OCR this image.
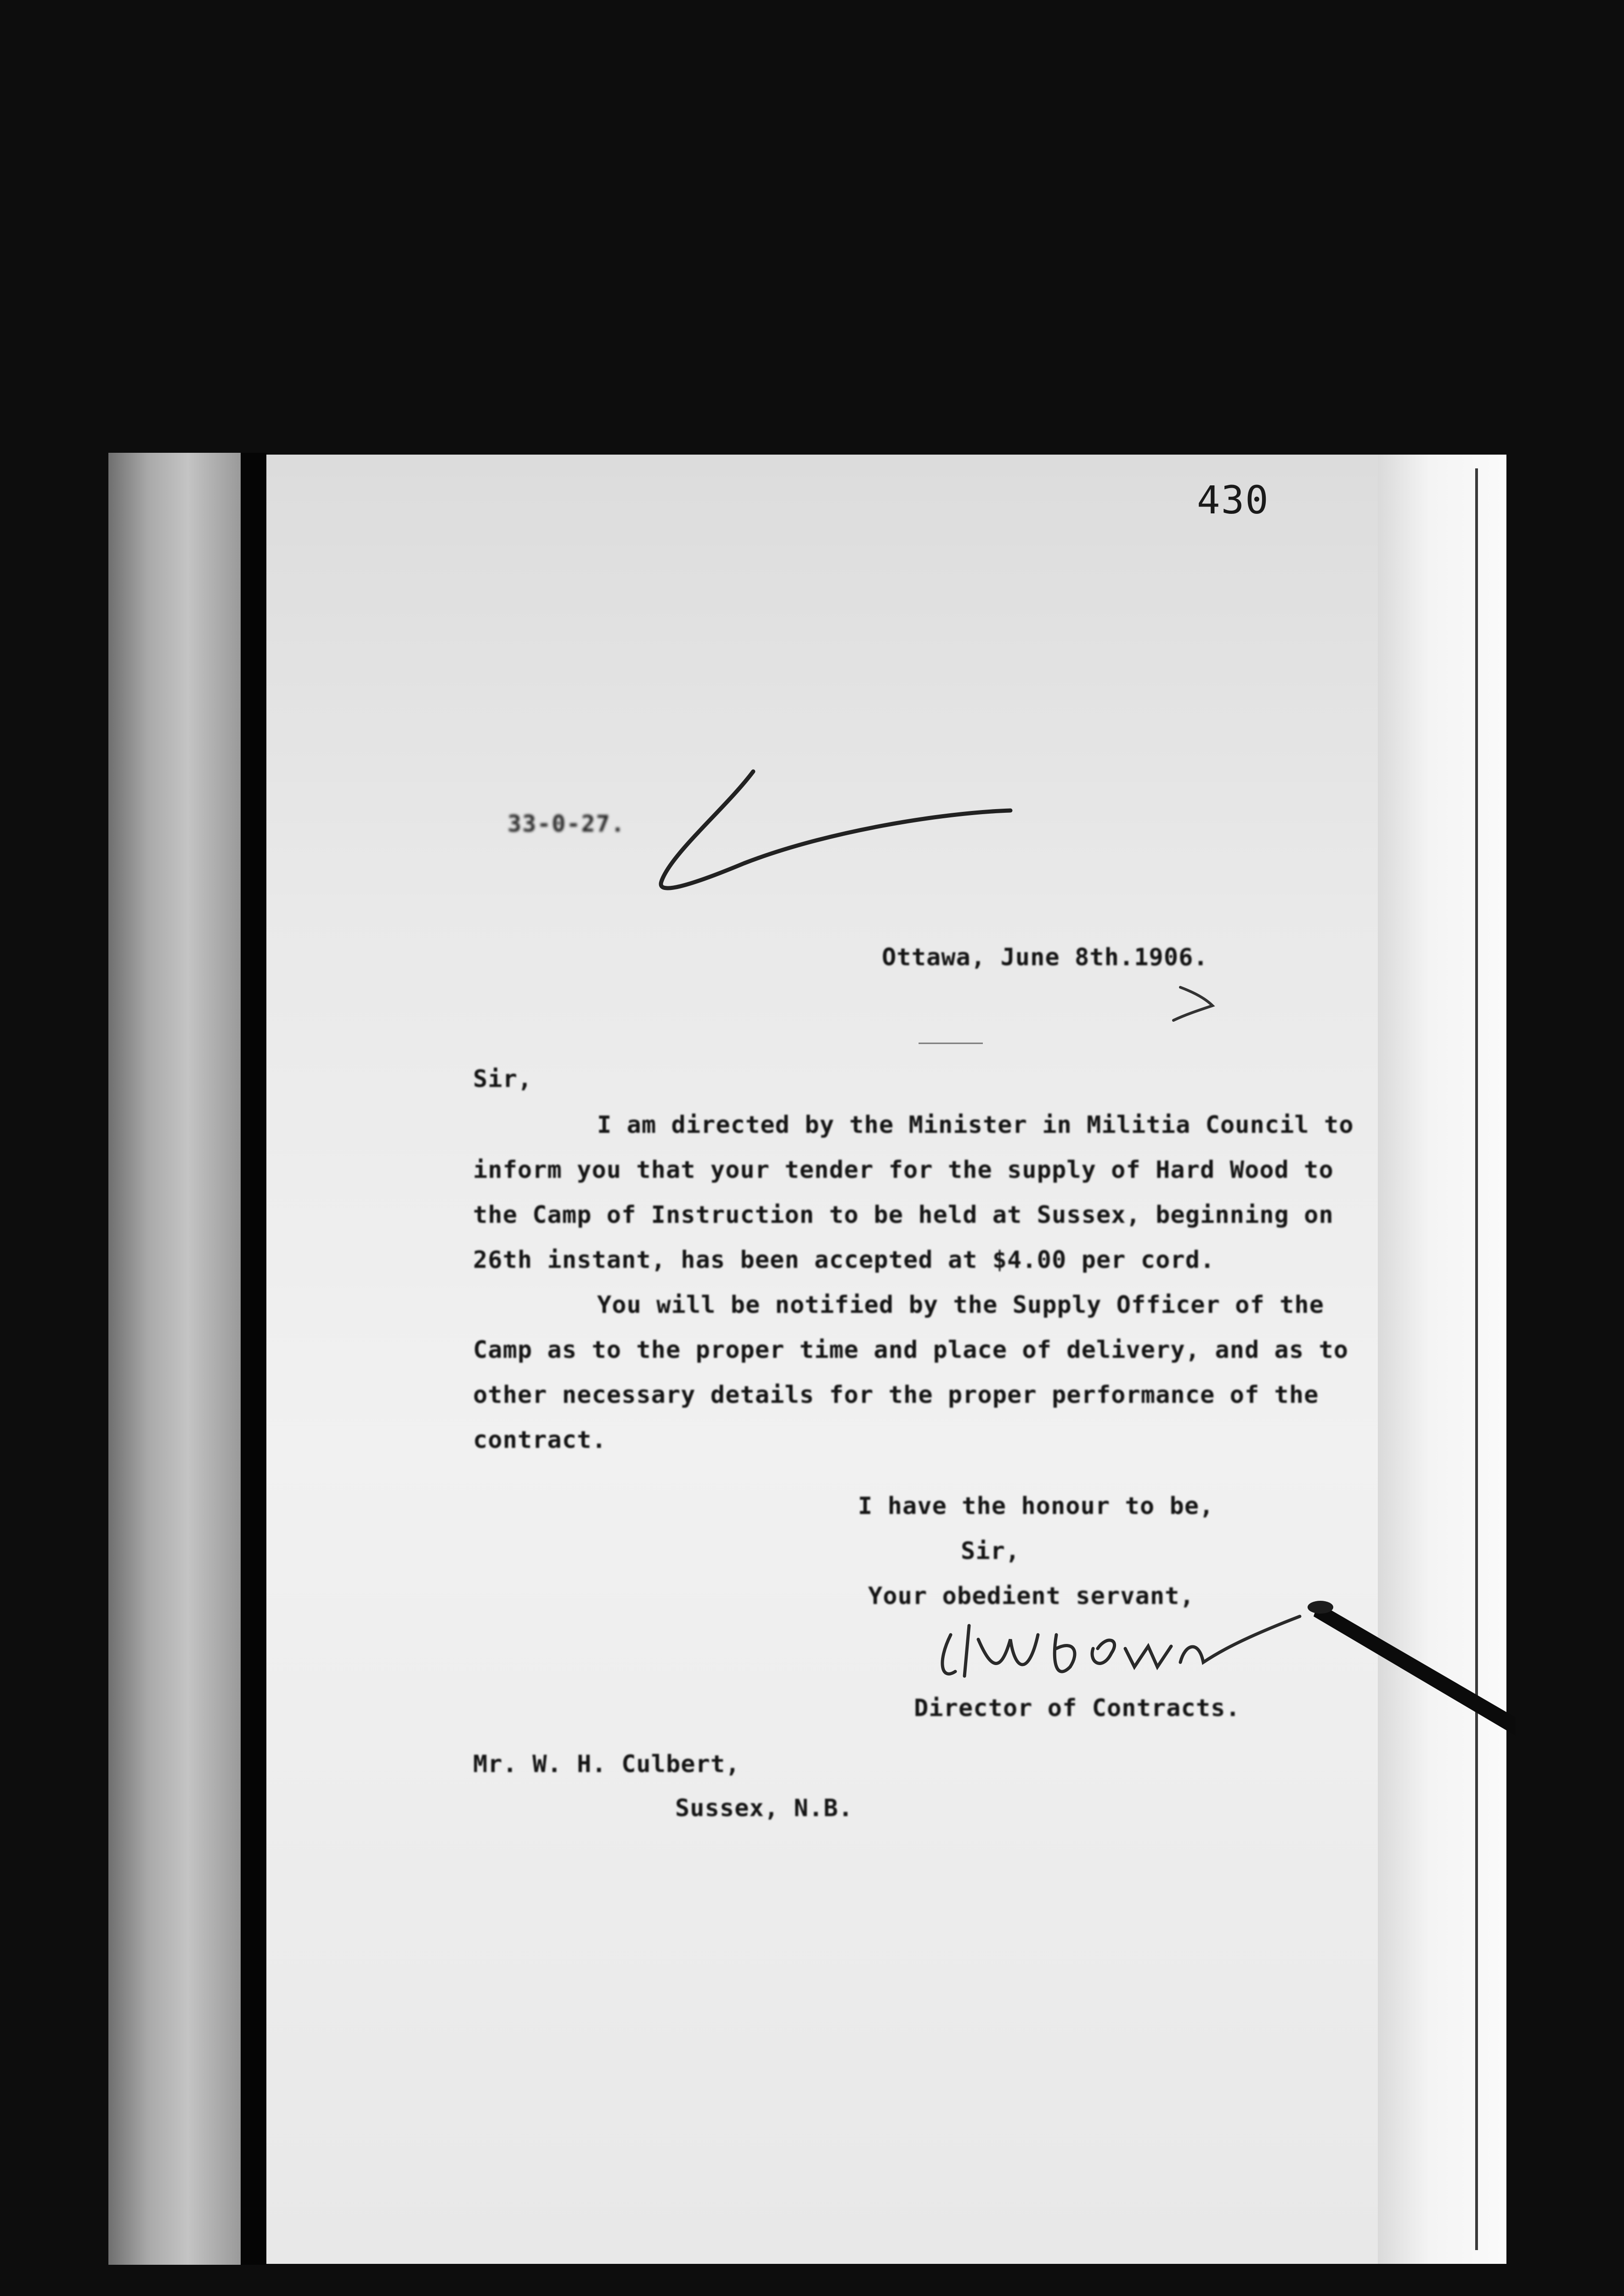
430
33-0-27.
Ottawa, June 8th.1906.
Sir,
I am directed by the Minister in Militia Council to
inform you that your tender for the supply of Hard Wood to
the Camp of Instruction to be held at Sussex, beginning on
26th instant, has been accepted at $4.00 per cord.
You will be notified by the Supply Officer of the
Camp as to the proper time and place of delivery, and as to
other necessary details for the proper performance of the
contract.
I have the honour to be,
Sir,
Your obedient servant,
Director of Contracts.
Mr. W. H. Culbert,
Sussex, N.B.
